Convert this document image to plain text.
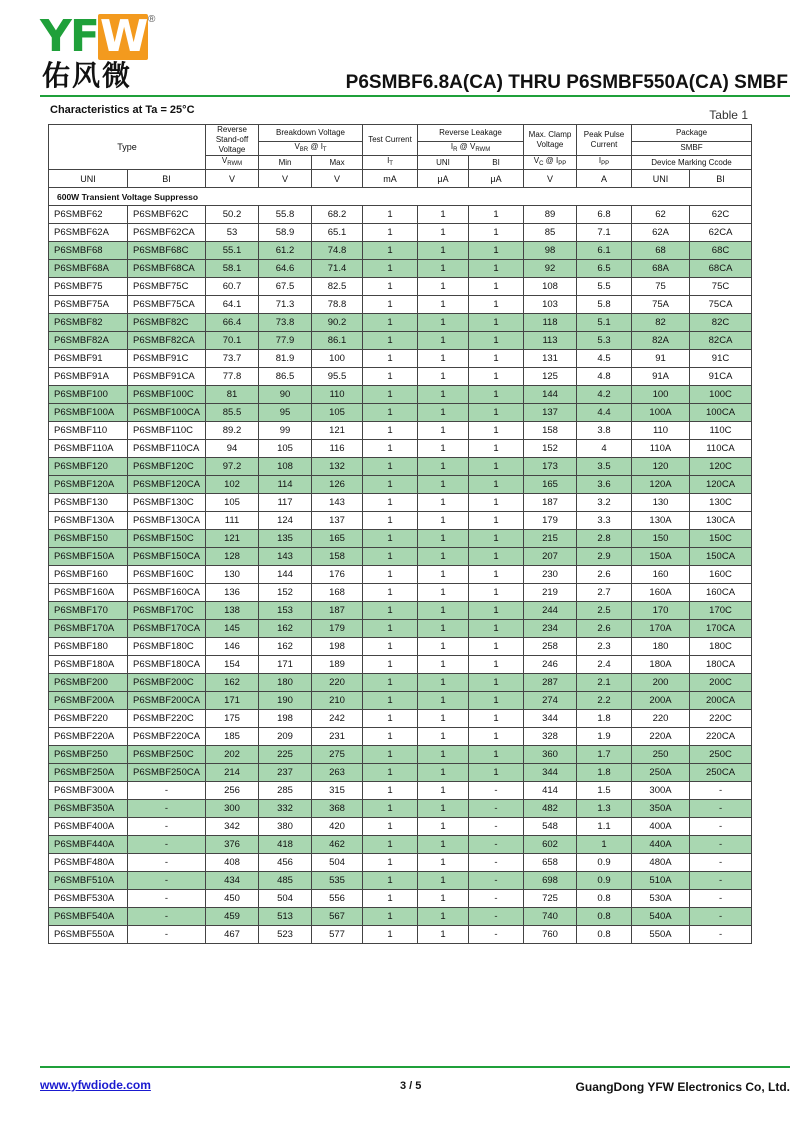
YFW ®
佑风微	P6SMBF6.8A(CA) THRU P6SMBF550A(CA) SMBF
Characteristics at Ta = 25°C	Table 1
Type		Reverse Stand-off Voltage	Breakdown Voltage		Test Current	Reverse Leakage		Max. Clamp Voltage	Peak Pulse Current	Package	
			$V_{BR}$ @ $I_T$			$I_R$ @ $V_{RWM}$				SMBF	
		$V_{RWM}$	Min	Max	$I_T$	UNI	BI	$V_C$ @ $I_{PP}$	$I_{PP}$	Device Marking Ccode	
UNI	BI	V	V	V	mA	μA	μA	V	A	UNI	BI
600W Transient Voltage Suppresso											
P6SMBF62	P6SMBF62C	50.2	55.8	68.2	1	1	1	89	6.8	62	62C
P6SMBF62A	P6SMBF62CA	53	58.9	65.1	1	1	1	85	7.1	62A	62CA
P6SMBF68	P6SMBF68C	55.1	61.2	74.8	1	1	1	98	6.1	68	68C
P6SMBF68A	P6SMBF68CA	58.1	64.6	71.4	1	1	1	92	6.5	68A	68CA
P6SMBF75	P6SMBF75C	60.7	67.5	82.5	1	1	1	108	5.5	75	75C
P6SMBF75A	P6SMBF75CA	64.1	71.3	78.8	1	1	1	103	5.8	75A	75CA
P6SMBF82	P6SMBF82C	66.4	73.8	90.2	1	1	1	118	5.1	82	82C
P6SMBF82A	P6SMBF82CA	70.1	77.9	86.1	1	1	1	113	5.3	82A	82CA
P6SMBF91	P6SMBF91C	73.7	81.9	100	1	1	1	131	4.5	91	91C
P6SMBF91A	P6SMBF91CA	77.8	86.5	95.5	1	1	1	125	4.8	91A	91CA
P6SMBF100	P6SMBF100C	81	90	110	1	1	1	144	4.2	100	100C
P6SMBF100A	P6SMBF100CA	85.5	95	105	1	1	1	137	4.4	100A	100CA
P6SMBF110	P6SMBF110C	89.2	99	121	1	1	1	158	3.8	110	110C
P6SMBF110A	P6SMBF110CA	94	105	116	1	1	1	152	4	110A	110CA
P6SMBF120	P6SMBF120C	97.2	108	132	1	1	1	173	3.5	120	120C
P6SMBF120A	P6SMBF120CA	102	114	126	1	1	1	165	3.6	120A	120CA
P6SMBF130	P6SMBF130C	105	117	143	1	1	1	187	3.2	130	130C
P6SMBF130A	P6SMBF130CA	111	124	137	1	1	1	179	3.3	130A	130CA
P6SMBF150	P6SMBF150C	121	135	165	1	1	1	215	2.8	150	150C
P6SMBF150A	P6SMBF150CA	128	143	158	1	1	1	207	2.9	150A	150CA
P6SMBF160	P6SMBF160C	130	144	176	1	1	1	230	2.6	160	160C
P6SMBF160A	P6SMBF160CA	136	152	168	1	1	1	219	2.7	160A	160CA
P6SMBF170	P6SMBF170C	138	153	187	1	1	1	244	2.5	170	170C
P6SMBF170A	P6SMBF170CA	145	162	179	1	1	1	234	2.6	170A	170CA
P6SMBF180	P6SMBF180C	146	162	198	1	1	1	258	2.3	180	180C
P6SMBF180A	P6SMBF180CA	154	171	189	1	1	1	246	2.4	180A	180CA
P6SMBF200	P6SMBF200C	162	180	220	1	1	1	287	2.1	200	200C
P6SMBF200A	P6SMBF200CA	171	190	210	1	1	1	274	2.2	200A	200CA
P6SMBF220	P6SMBF220C	175	198	242	1	1	1	344	1.8	220	220C
P6SMBF220A	P6SMBF220CA	185	209	231	1	1	1	328	1.9	220A	220CA
P6SMBF250	P6SMBF250C	202	225	275	1	1	1	360	1.7	250	250C
P6SMBF250A	P6SMBF250CA	214	237	263	1	1	1	344	1.8	250A	250CA
P6SMBF300A	-	256	285	315	1	1	-	414	1.5	300A	-
P6SMBF350A	-	300	332	368	1	1	-	482	1.3	350A	-
P6SMBF400A	-	342	380	420	1	1	-	548	1.1	400A	-
P6SMBF440A	-	376	418	462	1	1	-	602	1	440A	-
P6SMBF480A	-	408	456	504	1	1	-	658	0.9	480A	-
P6SMBF510A	-	434	485	535	1	1	-	698	0.9	510A	-
P6SMBF530A	-	450	504	556	1	1	-	725	0.8	530A	-
P6SMBF540A	-	459	513	567	1	1	-	740	0.8	540A	-
P6SMBF550A	-	467	523	577	1	1	-	760	0.8	550A	-
www.yfwdiode.com	3 / 5	GuangDong YFW Electronics Co, Ltd.
